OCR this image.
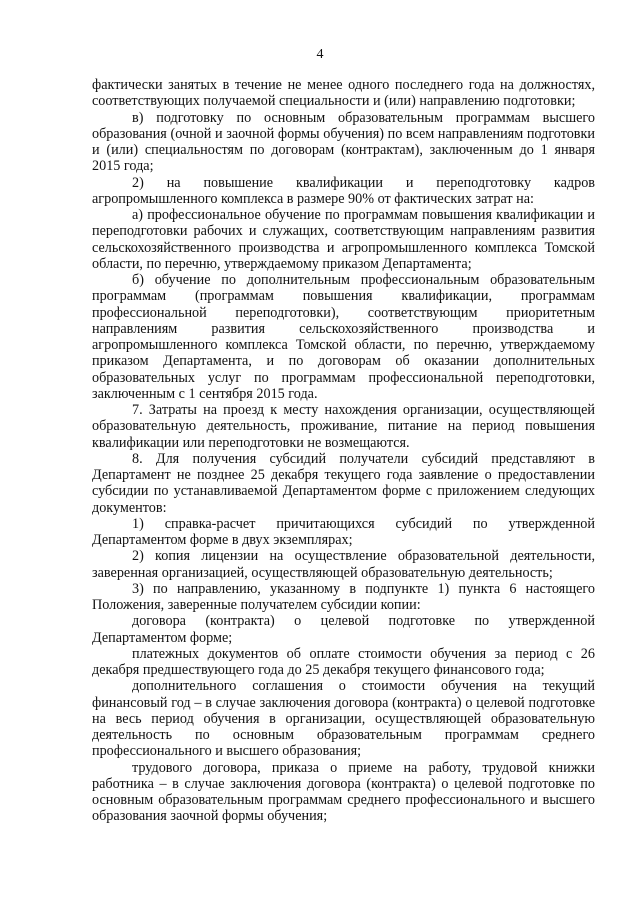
4

фактически занятых в течение не менее одного последнего года на должностях, соответствующих получаемой специальности и (или) направлению подготовки;

в) подготовку по основным образовательным программам высшего образования (очной и заочной формы обучения) по всем направлениям подготовки и (или) специальностям по договорам (контрактам), заключенным до 1 января 2015 года;

2) на повышение квалификации и переподготовку кадров агропромышленного комплекса в размере 90% от фактических затрат на:

а) профессиональное обучение по программам повышения квалификации и переподготовки рабочих и служащих, соответствующим направлениям развития сельскохозяйственного производства и агропромышленного комплекса Томской области, по перечню, утверждаемому приказом Департамента;

б) обучение по дополнительным профессиональным образовательным программам (программам повышения квалификации, программам профессиональной переподготовки), соответствующим приоритетным направлениям развития сельскохозяйственного производства и агропромышленного комплекса Томской области, по перечню, утверждаемому приказом Департамента, и по договорам об оказании дополнительных образовательных услуг по программам профессиональной переподготовки, заключенным с 1 сентября 2015 года.

7. Затраты на проезд к месту нахождения организации, осуществляющей образовательную деятельность, проживание, питание на период повышения квалификации или переподготовки не возмещаются.

8. Для получения субсидий получатели субсидий представляют в Департамент не позднее 25 декабря текущего года заявление о предоставлении субсидии по устанавливаемой Департаментом форме с приложением следующих документов:

1) справка-расчет причитающихся субсидий по утвержденной Департаментом форме в двух экземплярах;

2) копия лицензии на осуществление образовательной деятельности, заверенная организацией, осуществляющей образовательную деятельность;

3) по направлению, указанному в подпункте 1) пункта 6 настоящего Положения, заверенные получателем субсидии копии:

договора (контракта) о целевой подготовке по утвержденной Департаментом форме;

платежных документов об оплате стоимости обучения за период с 26 декабря предшествующего года до 25 декабря текущего финансового года;

дополнительного соглашения о стоимости обучения на текущий финансовый год – в случае заключения договора (контракта) о целевой подготовке на весь период обучения в организации, осуществляющей образовательную деятельность по основным образовательным программам среднего профессионального и высшего образования;

трудового договора, приказа о приеме на работу, трудовой книжки работника – в случае заключения договора (контракта) о целевой подготовке по основным образовательным программам среднего профессионального и высшего образования заочной формы обучения;
